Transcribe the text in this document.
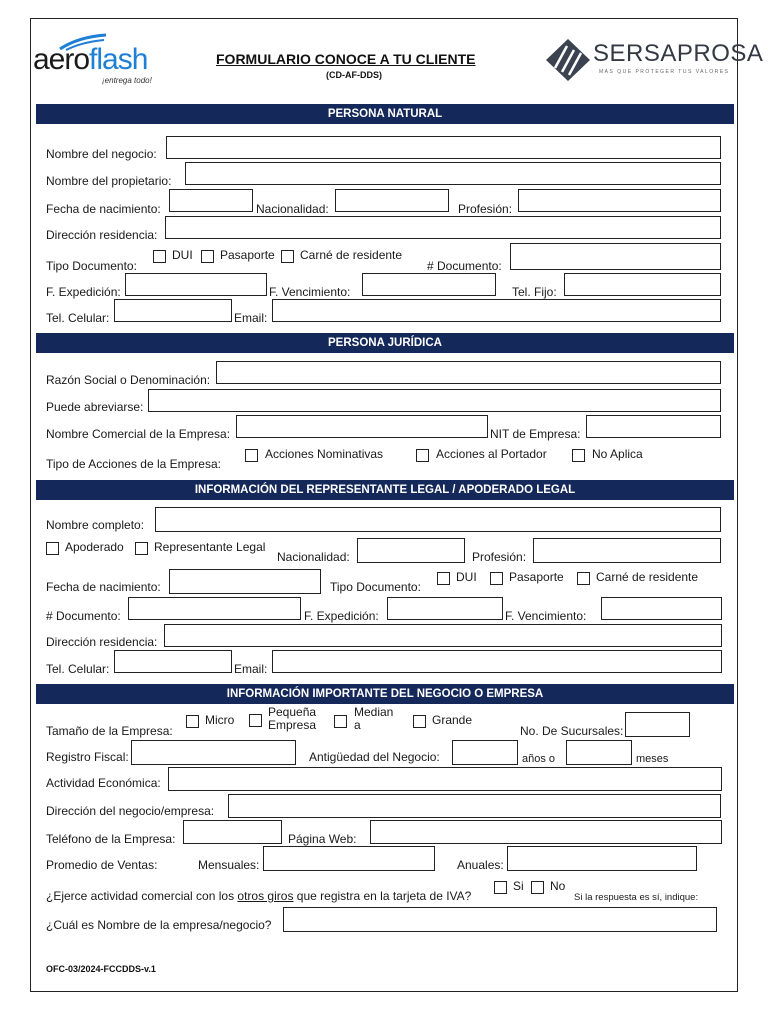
aeroflash
¡entrega todo!
FORMULARIO CONOCE A TU CLIENTE
(CD-AF-DDS)
SERSAPROSA
MÁS QUE PROTEGER TUS VALORES
PERSONA NATURAL
Nombre del negocio:
Nombre del propietario:
Fecha de nacimiento:	Nacionalidad:	Profesión:
Dirección residencia:
Tipo Documento:
DUI Pasaporte Carné de residente
# Documento:
F. Expedición:	F. Vencimiento:	Tel. Fijo:
Tel. Celular:	Email:
PERSONA JURÍDICA
Razón Social o Denominación:
Puede abreviarse:
Nombre Comercial de la Empresa:	NIT de Empresa:
Tipo de Acciones de la Empresa:
Acciones Nominativas	Acciones al Portador	No Aplica
INFORMACIÓN DEL REPRESENTANTE LEGAL / APODERADO LEGAL
Nombre completo:
Apoderado	Representante Legal
Nacionalidad:	Profesión:
Fecha de nacimiento:	Tipo Documento:
DUI	Pasaporte	Carné de residente
# Documento:	F. Expedición:	F. Vencimiento:
Dirección residencia:
Tel. Celular:	Email:
INFORMACIÓN IMPORTANTE DEL NEGOCIO O EMPRESA
Tamaño de la Empresa:
Micro
Pequeña
Empresa
Median
a	Grande
No. De Sucursales:
Registro Fiscal:	Antigüedad del Negocio:	años o	meses
Actividad Económica:
Dirección del negocio/empresa:
Teléfono de la Empresa:	Página Web:
Promedio de Ventas:	Mensuales:	Anuales:
¿Ejerce actividad comercial con los otros giros que registra en la tarjeta de IVA?
Si No
Si la respuesta es sí, indique:
¿Cuál es Nombre de la empresa/negocio?
OFC-03/2024-FCCDDS-v.1
